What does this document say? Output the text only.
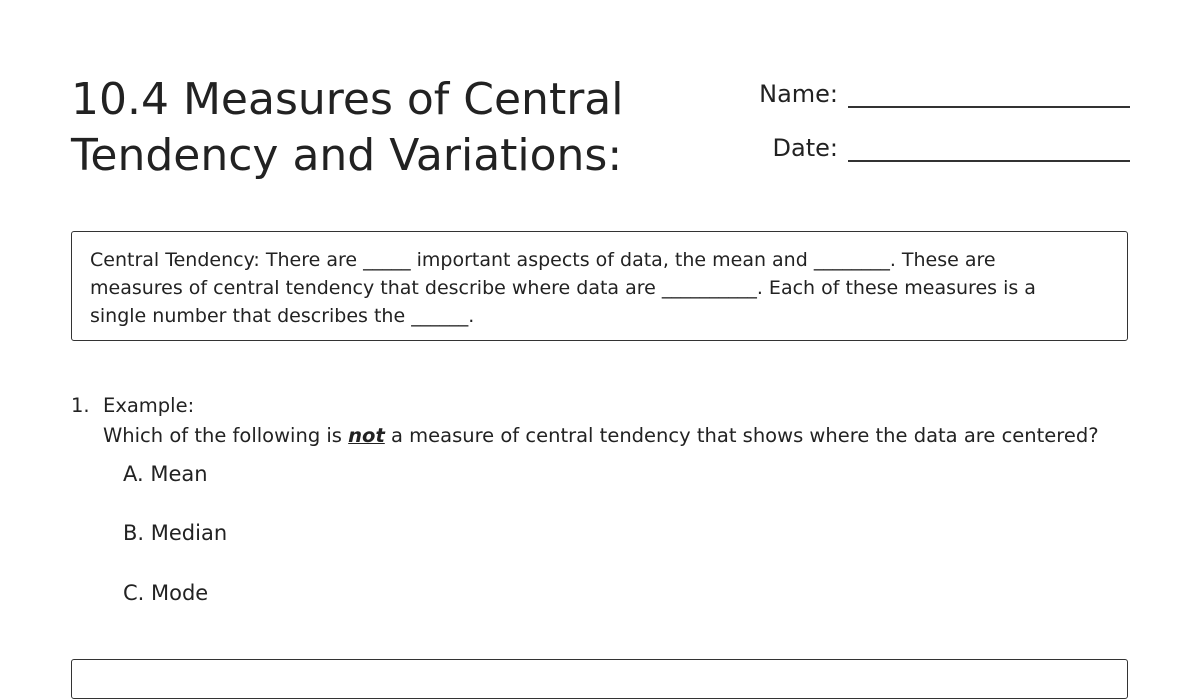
10.4 Measures of Central
Tendency and Variations:
Name:
Date:
Central Tendency: There are _____ important aspects of data, the mean and ________. These are
measures of central tendency that describe where data are __________. Each of these measures is a
single number that describes the ______.
1. Example:
Which of the following is not a measure of central tendency that shows where the data are centered?
A. Mean
B. Median
C. Mode
